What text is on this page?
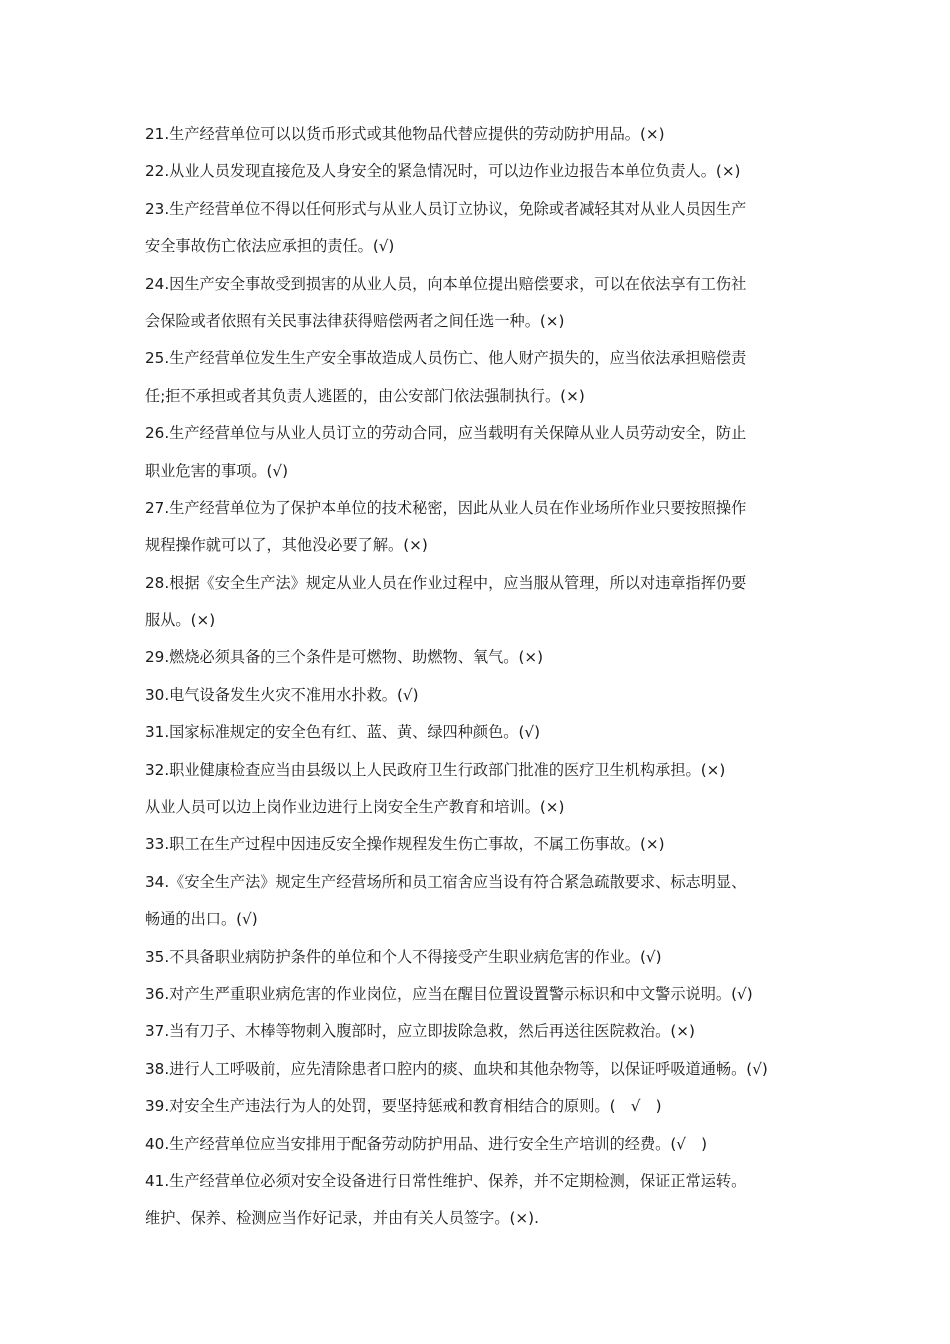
21.生产经营单位可以以货币形式或其他物品代替应提供的劳动防护用品。(×)
22.从业人员发现直接危及人身安全的紧急情况时，可以边作业边报告本单位负责人。(×)
23.生产经营单位不得以任何形式与从业人员订立协议，免除或者减轻其对从业人员因生产
安全事故伤亡依法应承担的责任。(√)
24.因生产安全事故受到损害的从业人员，向本单位提出赔偿要求，可以在依法享有工伤社
会保险或者依照有关民事法律获得赔偿两者之间任选一种。(×)
25.生产经营单位发生生产安全事故造成人员伤亡、他人财产损失的，应当依法承担赔偿责
任;拒不承担或者其负责人逃匿的，由公安部门依法强制执行。(×)
26.生产经营单位与从业人员订立的劳动合同，应当载明有关保障从业人员劳动安全，防止
职业危害的事项。(√)
27.生产经营单位为了保护本单位的技术秘密，因此从业人员在作业场所作业只要按照操作
规程操作就可以了，其他没必要了解。(×)
28.根据《安全生产法》规定从业人员在作业过程中，应当服从管理，所以对违章指挥仍要
服从。(×)
29.燃烧必须具备的三个条件是可燃物、助燃物、氧气。(×)
30.电气设备发生火灾不准用水扑救。(√)
31.国家标准规定的安全色有红、蓝、黄、绿四种颜色。(√)
32.职业健康检查应当由县级以上人民政府卫生行政部门批准的医疗卫生机构承担。(×)
从业人员可以边上岗作业边进行上岗安全生产教育和培训。(×)
33.职工在生产过程中因违反安全操作规程发生伤亡事故，不属工伤事故。(×)
34.《安全生产法》规定生产经营场所和员工宿舍应当设有符合紧急疏散要求、标志明显、
畅通的出口。(√)
35.不具备职业病防护条件的单位和个人不得接受产生职业病危害的作业。(√)
36.对产生严重职业病危害的作业岗位，应当在醒目位置设置警示标识和中文警示说明。(√)
37.当有刀子、木棒等物刺入腹部时，应立即拔除急救，然后再送往医院救治。(×)
38.进行人工呼吸前，应先清除患者口腔内的痰、血块和其他杂物等，以保证呼吸道通畅。(√)
39.对安全生产违法行为人的处罚，要坚持惩戒和教育相结合的原则。(　√　)
40.生产经营单位应当安排用于配备劳动防护用品、进行安全生产培训的经费。(√　)
41.生产经营单位必须对安全设备进行日常性维护、保养，并不定期检测，保证正常运转。
维护、保养、检测应当作好记录，并由有关人员签字。(×).
